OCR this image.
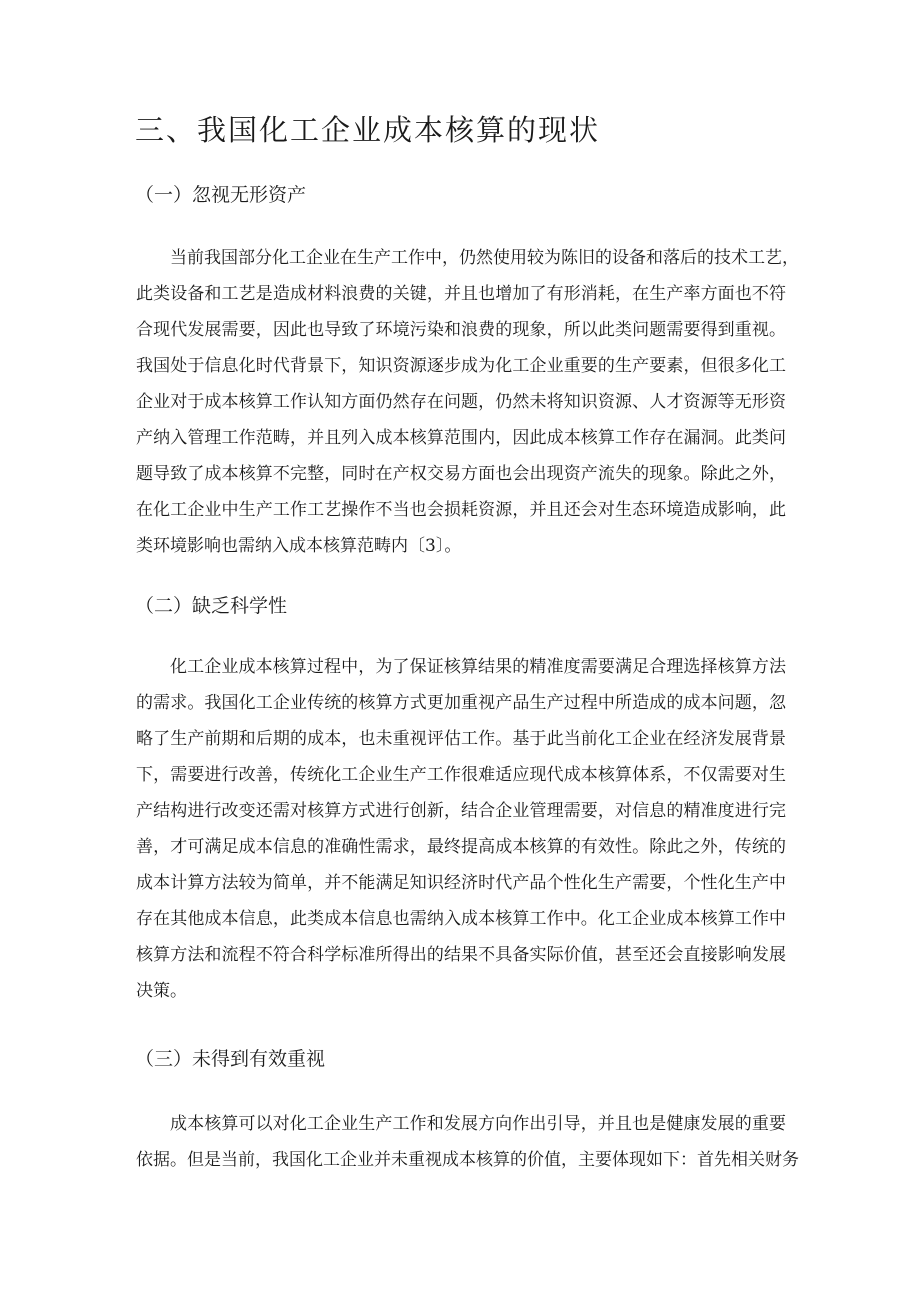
三、我国化工企业成本核算的现状
（一）忽视无形资产
当前我国部分化工企业在生产工作中，仍然使用较为陈旧的设备和落后的技术工艺，
此类设备和工艺是造成材料浪费的关键，并且也增加了有形消耗，在生产率方面也不符
合现代发展需要，因此也导致了环境污染和浪费的现象，所以此类问题需要得到重视。
我国处于信息化时代背景下，知识资源逐步成为化工企业重要的生产要素，但很多化工
企业对于成本核算工作认知方面仍然存在问题，仍然未将知识资源、人才资源等无形资
产纳入管理工作范畴，并且列入成本核算范围内，因此成本核算工作存在漏洞。此类问
题导致了成本核算不完整，同时在产权交易方面也会出现资产流失的现象。除此之外，
在化工企业中生产工作工艺操作不当也会损耗资源，并且还会对生态环境造成影响，此
类环境影响也需纳入成本核算范畴内〔3〕。
（二）缺乏科学性
化工企业成本核算过程中，为了保证核算结果的精准度需要满足合理选择核算方法
的需求。我国化工企业传统的核算方式更加重视产品生产过程中所造成的成本问题，忽
略了生产前期和后期的成本，也未重视评估工作。基于此当前化工企业在经济发展背景
下，需要进行改善，传统化工企业生产工作很难适应现代成本核算体系，不仅需要对生
产结构进行改变还需对核算方式进行创新，结合企业管理需要，对信息的精准度进行完
善，才可满足成本信息的准确性需求，最终提高成本核算的有效性。除此之外，传统的
成本计算方法较为简单，并不能满足知识经济时代产品个性化生产需要，个性化生产中
存在其他成本信息，此类成本信息也需纳入成本核算工作中。化工企业成本核算工作中
核算方法和流程不符合科学标准所得出的结果不具备实际价值，甚至还会直接影响发展
决策。
（三）未得到有效重视
成本核算可以对化工企业生产工作和发展方向作出引导，并且也是健康发展的重要
依据。但是当前，我国化工企业并未重视成本核算的价值，主要体现如下：首先相关财务
